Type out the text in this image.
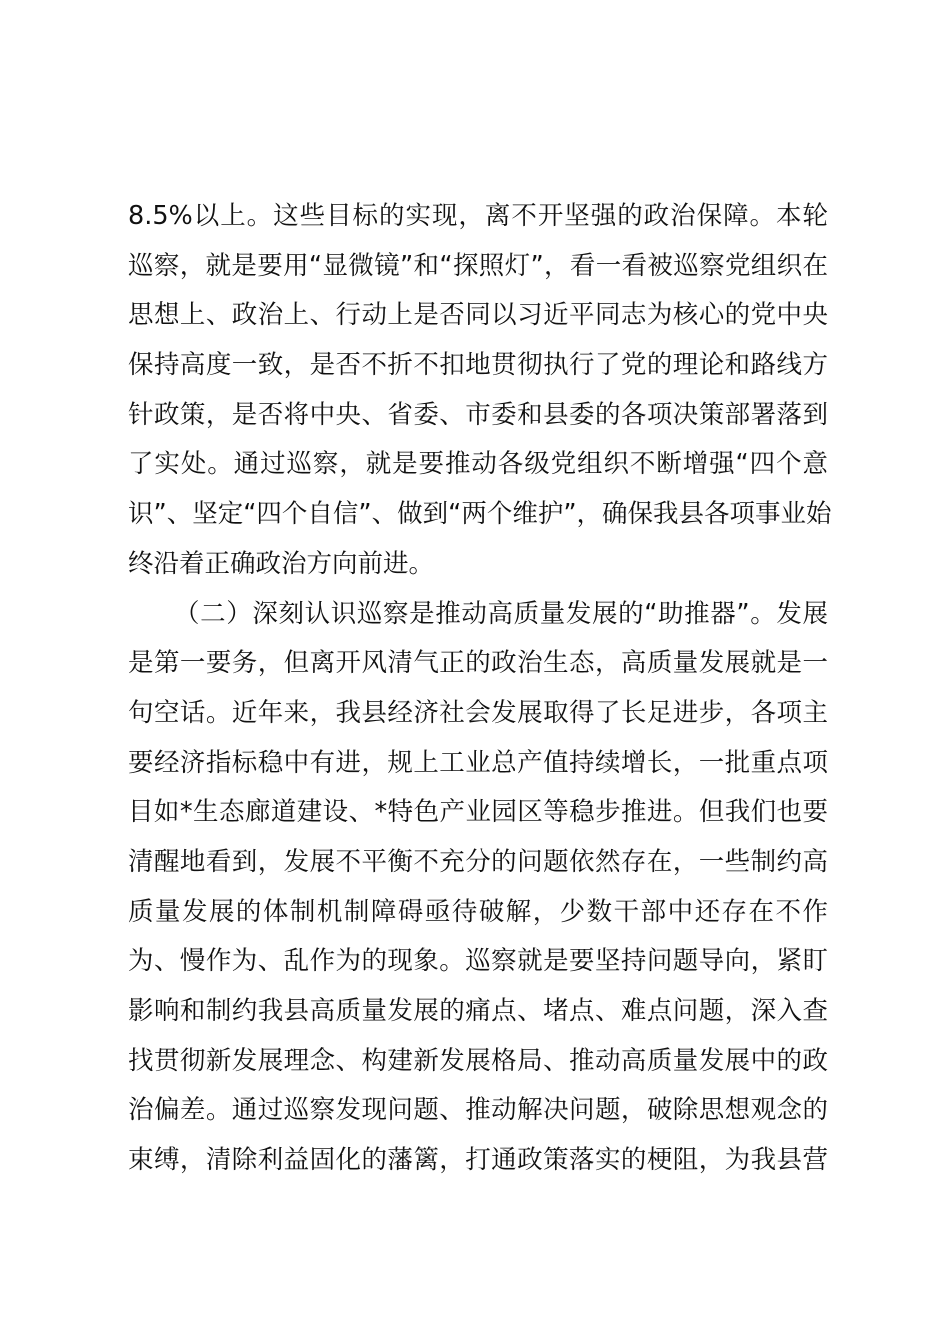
8.5%以上。这些目标的实现，离不开坚强的政治保障。本轮
巡察，就是要用“显微镜”和“探照灯”，看一看被巡察党组织在
思想上、政治上、行动上是否同以习近平同志为核心的党中央
保持高度一致，是否不折不扣地贯彻执行了党的理论和路线方
针政策，是否将中央、省委、市委和县委的各项决策部署落到
了实处。通过巡察，就是要推动各级党组织不断增强“四个意
识”、坚定“四个自信”、做到“两个维护”，确保我县各项事业始
终沿着正确政治方向前进。
（二）深刻认识巡察是推动高质量发展的“助推器”。发展
是第一要务，但离开风清气正的政治生态，高质量发展就是一
句空话。近年来，我县经济社会发展取得了长足进步，各项主
要经济指标稳中有进，规上工业总产值持续增长，一批重点项
目如*生态廊道建设、*特色产业园区等稳步推进。但我们也要
清醒地看到，发展不平衡不充分的问题依然存在，一些制约高
质量发展的体制机制障碍亟待破解，少数干部中还存在不作
为、慢作为、乱作为的现象。巡察就是要坚持问题导向，紧盯
影响和制约我县高质量发展的痛点、堵点、难点问题，深入查
找贯彻新发展理念、构建新发展格局、推动高质量发展中的政
治偏差。通过巡察发现问题、推动解决问题，破除思想观念的
束缚，清除利益固化的藩篱，打通政策落实的梗阻，为我县营
